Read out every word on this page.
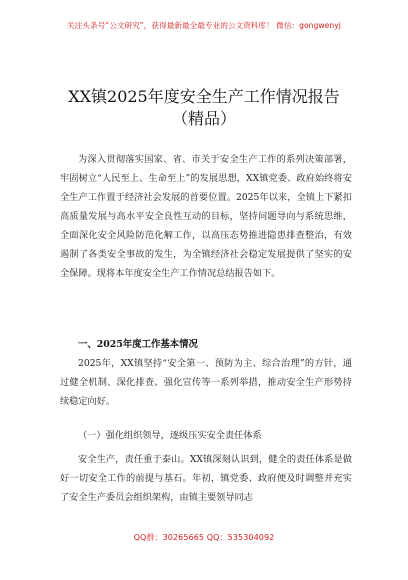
关注头条号“公文研究”，获得最新最全最专业的公文资料库！ 微信：gongwenyj
XX镇2025年度安全生产工作情况报告
（精品）
为深入贯彻落实国家、省、市关于安全生产工作的系列决策部署，牢固树立“人民至上、生命至上”的发展思想，XX镇党委、政府始终将安全生产工作置于经济社会发展的首要位置。2025年以来，全镇上下紧扣高质量发展与高水平安全良性互动的目标，坚持问题导向与系统思维，全面深化安全风险防范化解工作，以高压态势推进隐患排查整治，有效遏制了各类安全事故的发生，为全镇经济社会稳定发展提供了坚实的安全保障。现将本年度安全生产工作情况总结报告如下。
一、2025年度工作基本情况
2025年，XX镇坚持“安全第一、预防为主、综合治理”的方针，通过健全机制、深化排查、强化宣传等一系列举措，推动安全生产形势持续稳定向好。
（一）强化组织领导，逐级压实安全责任体系
安全生产，责任重于泰山。XX镇深刻认识到，健全的责任体系是做好一切安全工作的前提与基石。年初，镇党委、政府便及时调整并充实了安全生产委员会组织架构，由镇主要领导同志
QQ群：30265665 QQ：535304092
